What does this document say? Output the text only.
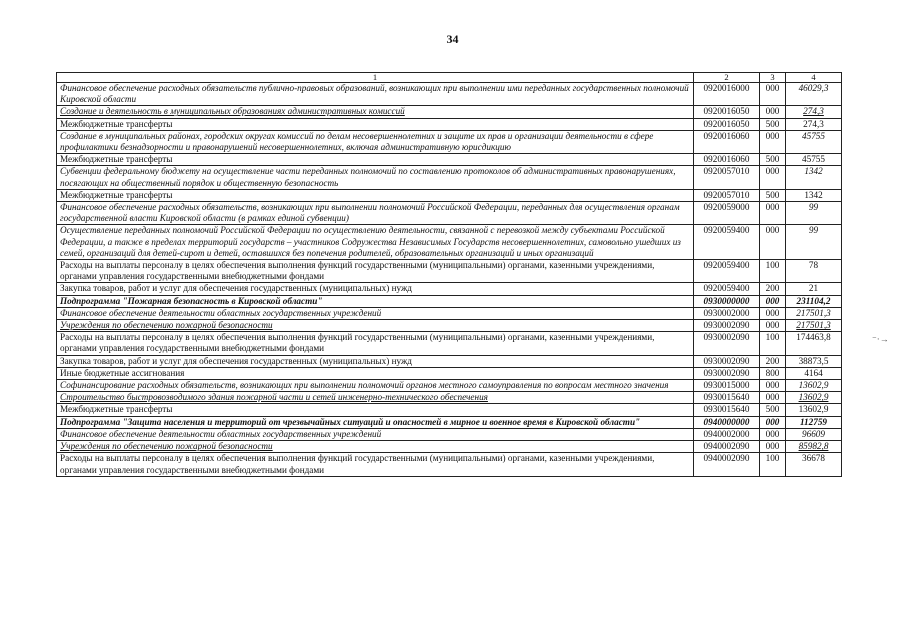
34
1	2	3	4
Финансовое обеспечение расходных обязательств публично-правовых образований, возникающих при выполнении ими переданных государственных полномочий Кировской области	0920016000	000	46029,3
Создание и деятельность в муниципальных образованиях административных комиссий	0920016050	000	274,3
Межбюджетные трансферты	0920016050	500	274,3
Создание в муниципальных районах, городских округах комиссий по делам несовершеннолетних и защите их прав и организации деятельности в сфере профилактики безнадзорности и правонарушений несовершеннолетних, включая административную юрисдикцию	0920016060	000	45755
Межбюджетные трансферты	0920016060	500	45755
Субвенции федеральному бюджету на осуществление части переданных полномочий по составлению протоколов об административных правонарушениях, посягающих на общественный порядок и общественную безопасность	0920057010	000	1342
Межбюджетные трансферты	0920057010	500	1342
Финансовое обеспечение расходных обязательств, возникающих при выполнении полномочий Российской Федерации, переданных для осуществления органам государственной власти Кировской области (в рамках единой субвенции)	0920059000	000	99
Осуществление переданных полномочий Российской Федерации по осуществлению деятельности, связанной с перевозкой между субъектами Российской Федерации, а также в пределах территорий государств – участников Содружества Независимых Государств несовершеннолетних, самовольно ушедших из семей, организаций для детей-сирот и детей, оставшихся без попечения родителей, образовательных организаций и иных организаций	0920059400	000	99
Расходы на выплаты персоналу в целях обеспечения выполнения функций государственными (муниципальными) органами, казенными учреждениями, органами управления государственными внебюджетными фондами	0920059400	100	78
Закупка товаров, работ и услуг для обеспечения государственных (муниципальных) нужд	0920059400	200	21
Подпрограмма "Пожарная безопасность в Кировской области"	0930000000	000	231104,2
Финансовое обеспечение деятельности областных государственных учреждений	0930002000	000	217501,3
Учреждения по обеспечению пожарной безопасности	0930002090	000	217501,3
Расходы на выплаты персоналу в целях обеспечения выполнения функций государственными (муниципальными) органами, казенными учреждениями, органами управления государственными внебюджетными фондами	0930002090	100	174463,8
Закупка товаров, работ и услуг для обеспечения государственных (муниципальных) нужд	0930002090	200	38873,5
Иные бюджетные ассигнования	0930002090	800	4164
Софинансирование расходных обязательств, возникающих при выполнении полномочий органов местного самоуправления по вопросам местного значения	0930015000	000	13602,9
Строительство быстровозводимого здания пожарной части и сетей инженерно-технического обеспечения	0930015640	000	13602,9
Межбюджетные трансферты	0930015640	500	13602,9
Подпрограмма "Защита населения и территорий от чрезвычайных ситуаций и опасностей в мирное и военное время в Кировской области"	0940000000	000	112759
Финансовое обеспечение деятельности областных государственных учреждений	0940002000	000	96609
Учреждения по обеспечению пожарной безопасности	0940002090	000	85982,8
Расходы на выплаты персоналу в целях обеспечения выполнения функций государственными (муниципальными) органами, казенными учреждениями, органами управления государственными внебюджетными фондами	0940002090	100	36678
⁻·→
